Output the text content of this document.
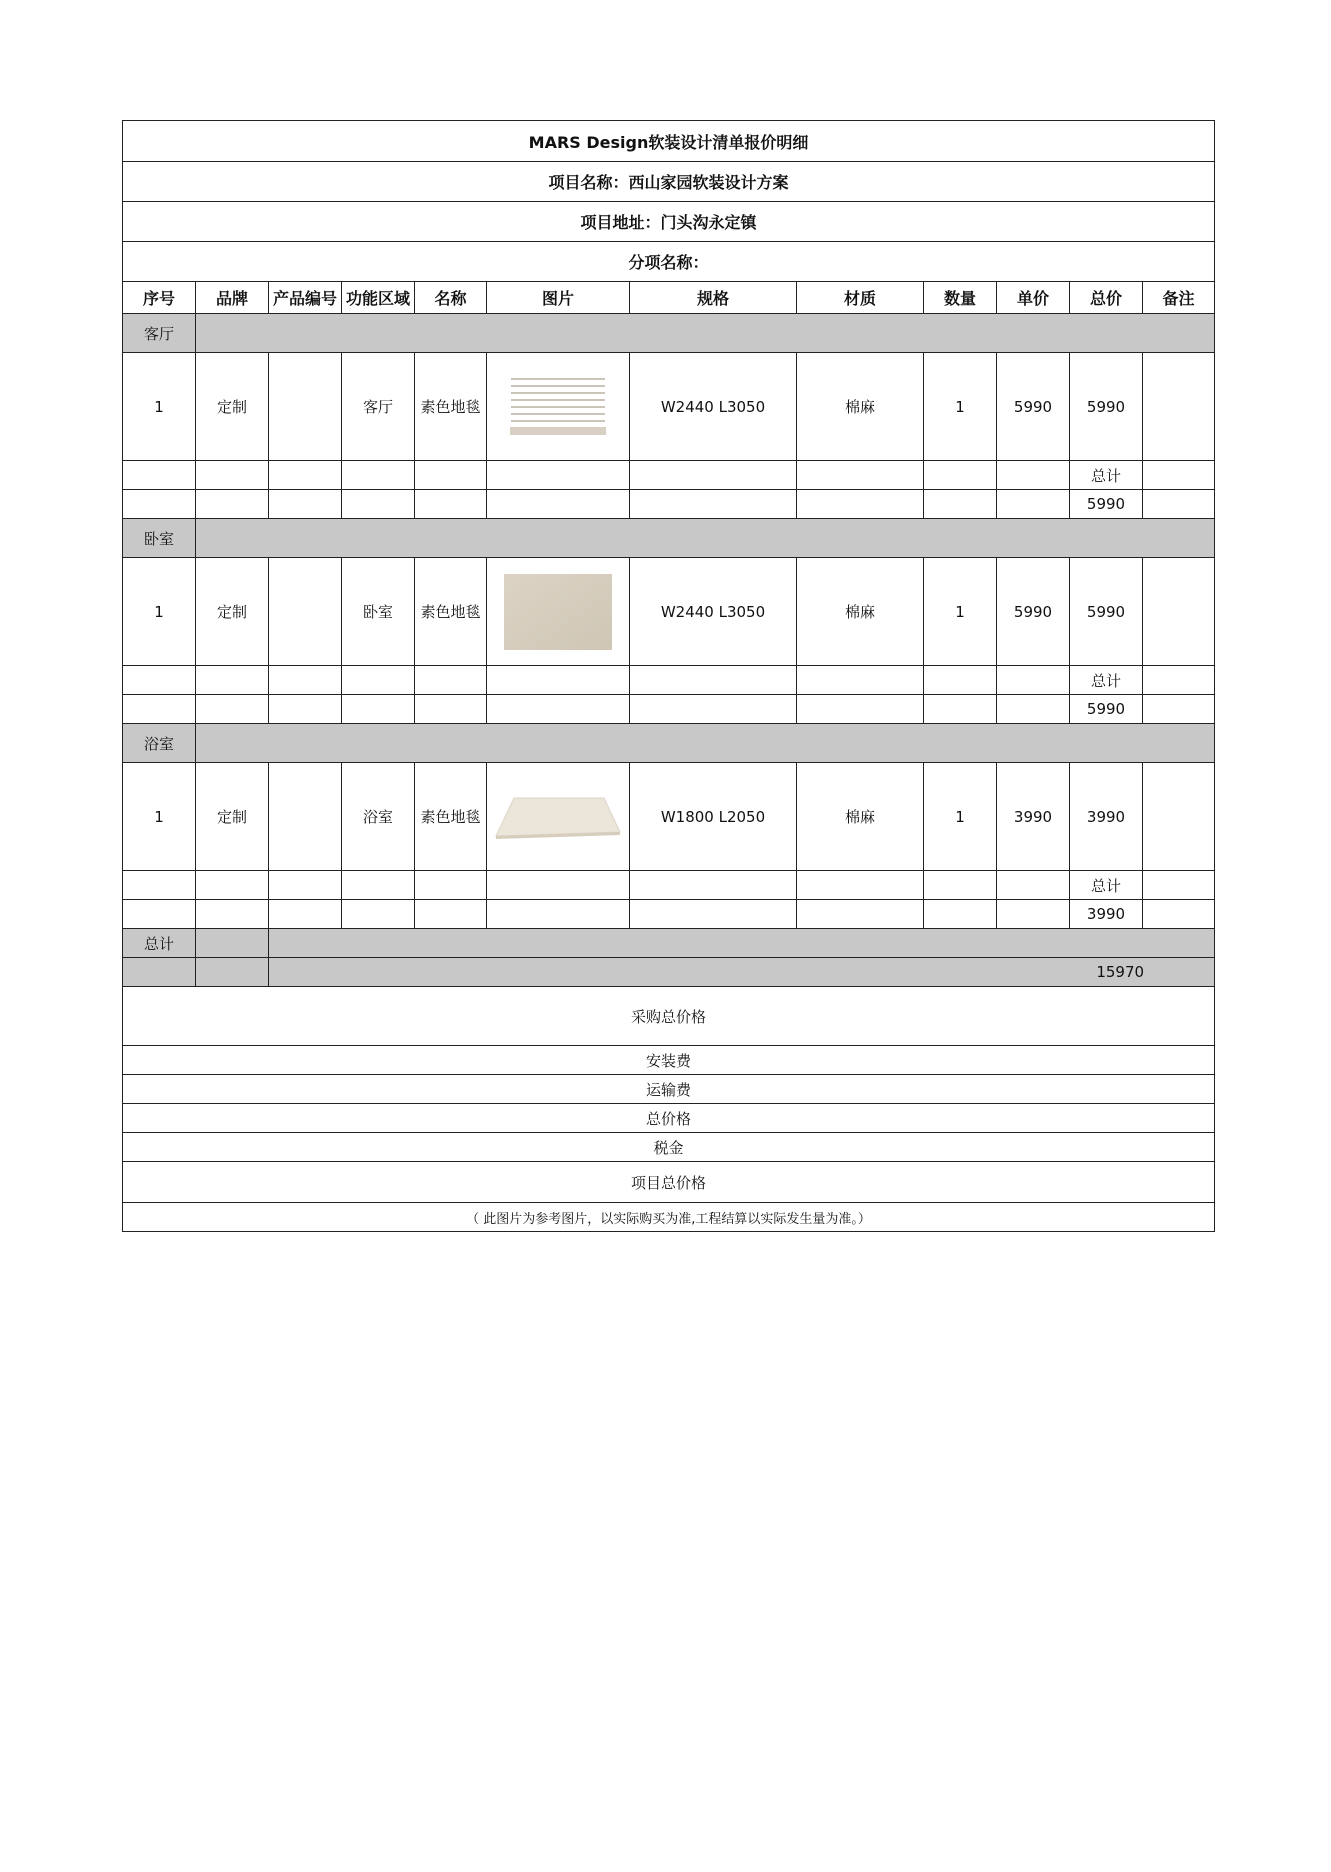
MARS Design软装设计清单报价明细											
项目名称：西山家园软装设计方案											
项目地址：门头沟永定镇											
分项名称：											
序号	品牌	产品编号	功能区域	名称	图片	规格	材质	数量	单价	总价	备注
客厅											
1	定制		客厅	素色地毯		W2440 L3050	棉麻	1	5990	5990	
										总计	
										5990	
卧室											
1	定制		卧室	素色地毯		W2440 L3050	棉麻	1	5990	5990	
										总计	
										5990	
浴室											
1	定制		浴室	素色地毯		W1800 L2050	棉麻	1	3990	3990	
										总计	
										3990	
总计											
		15970									
采购总价格											
安装费											
运输费											
总价格											
税金											
项目总价格											
（ 此图片为参考图片，以实际购买为准,工程结算以实际发生量为准。）											
